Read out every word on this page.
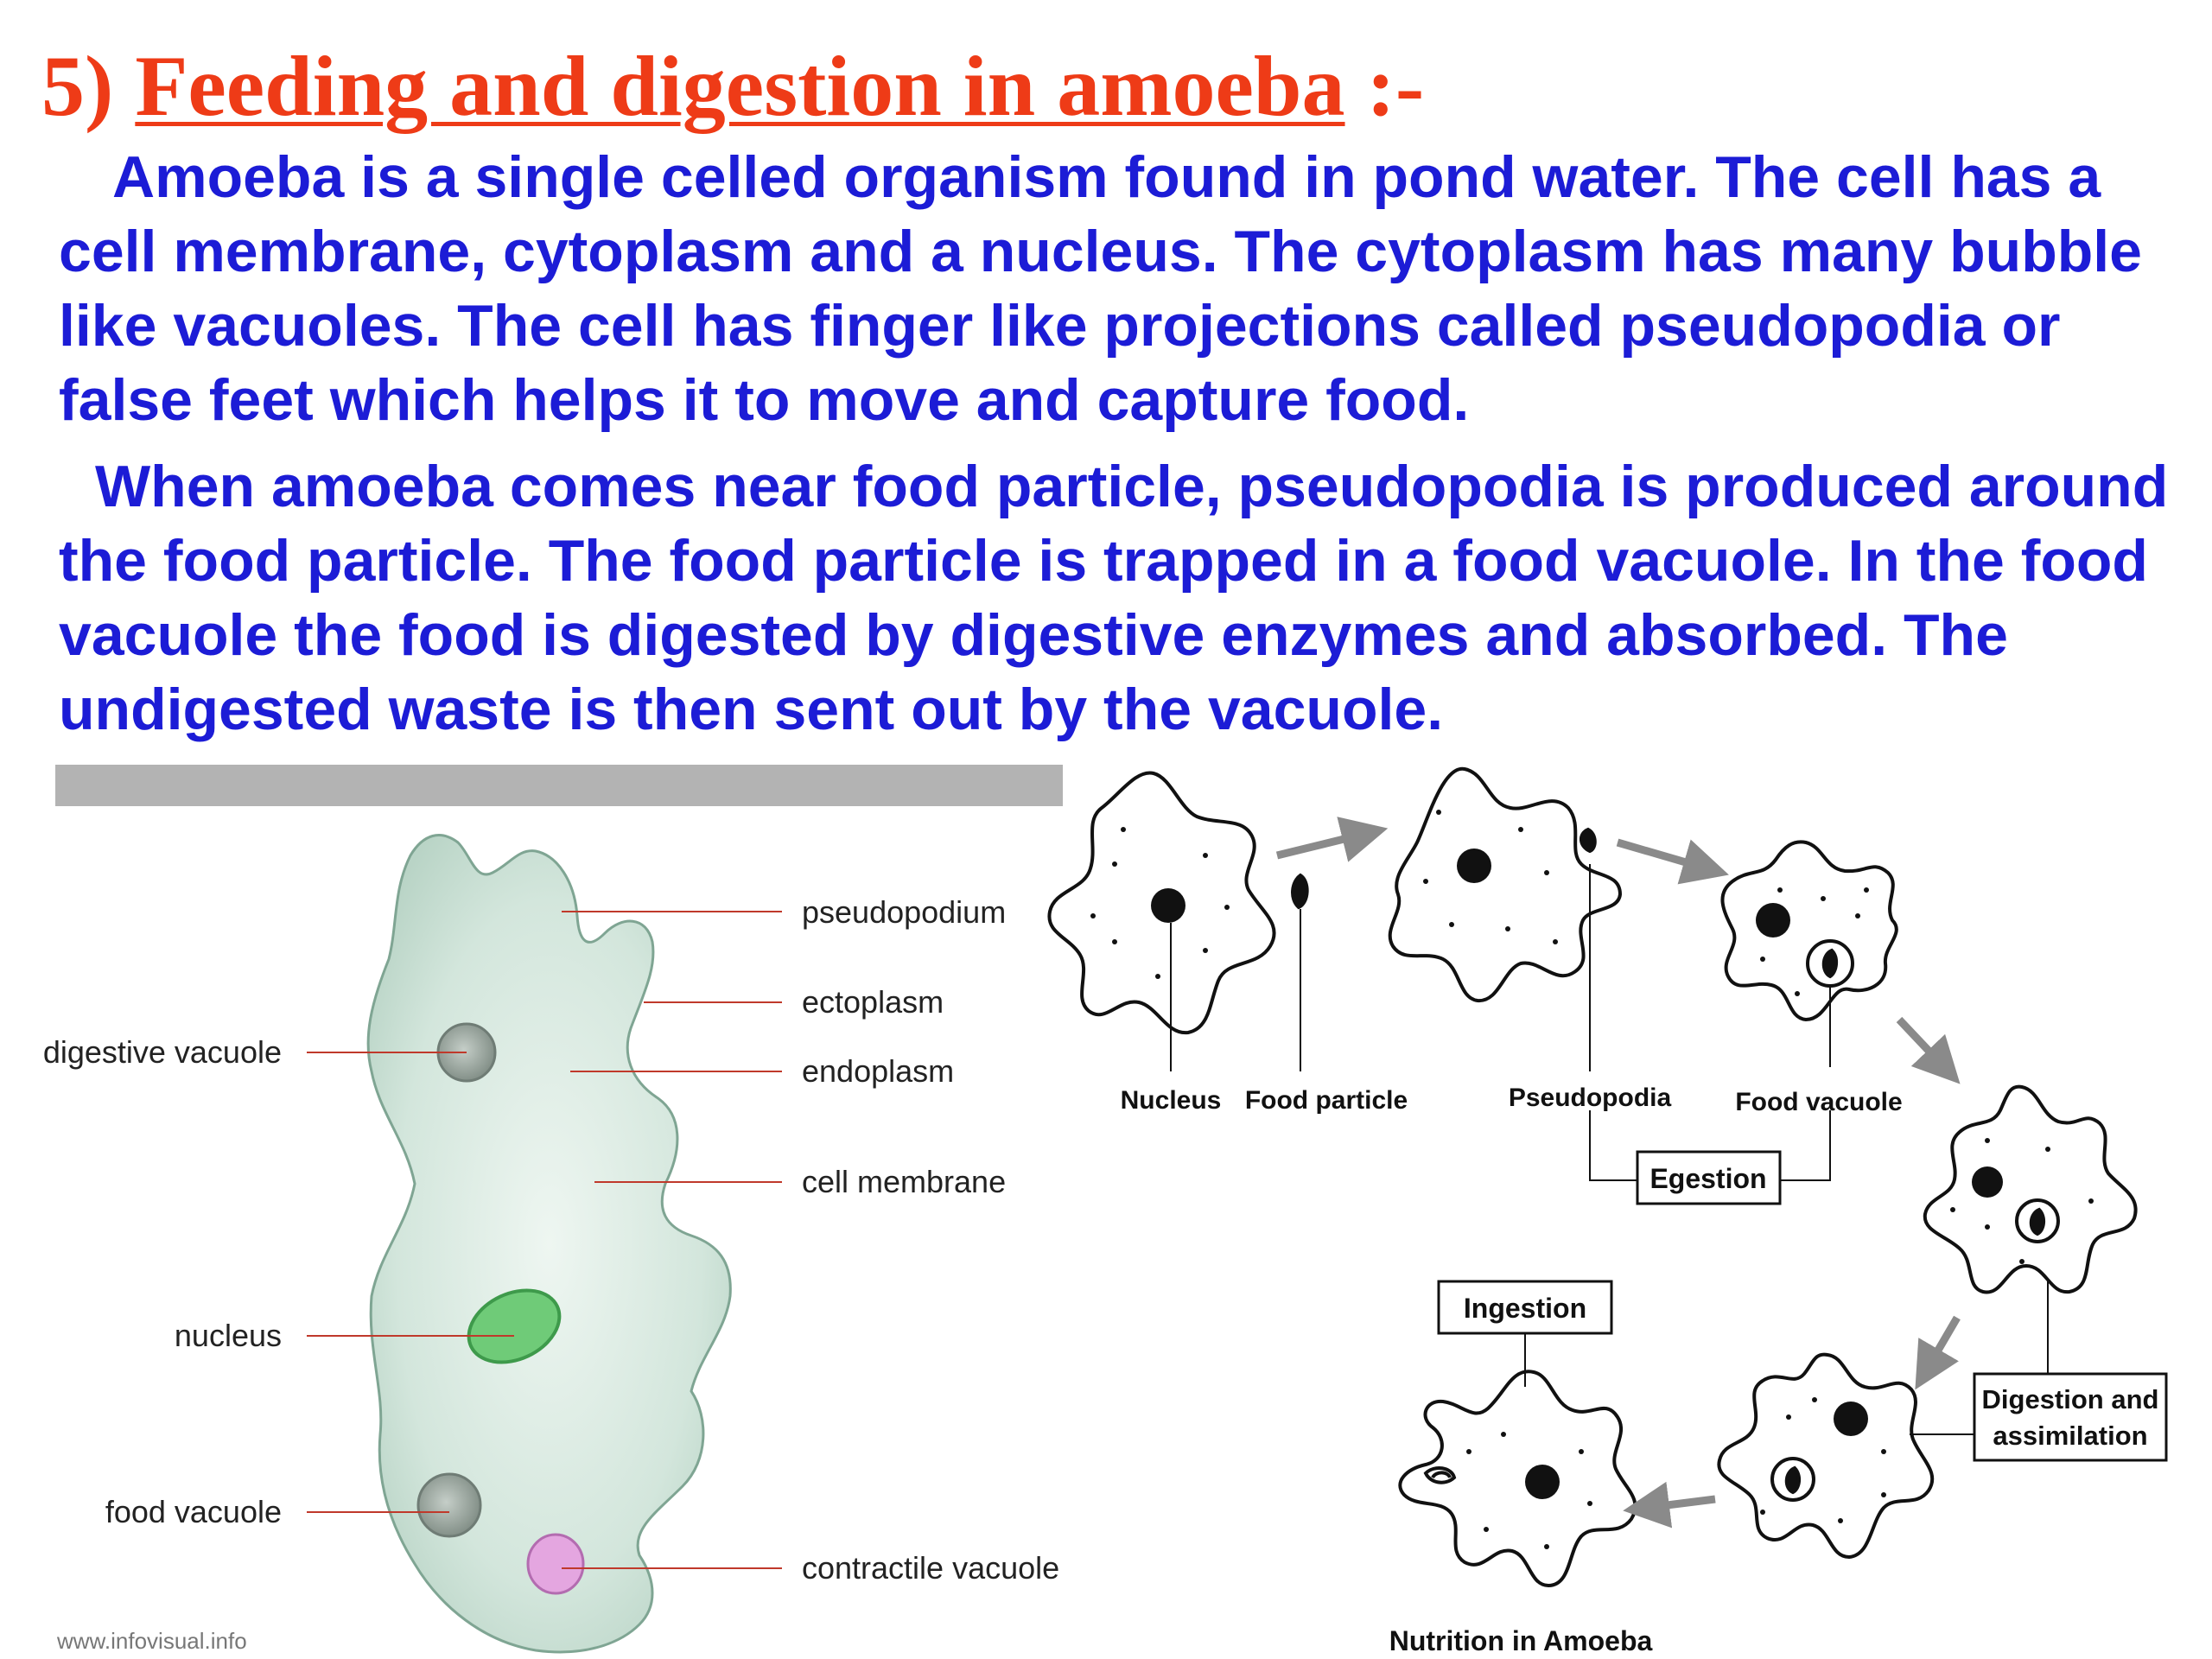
5) Feeding and digestion in amoeba :-

Amoeba is a single celled organism found in pond water. The cell has a cell membrane, cytoplasm and a nucleus. The cytoplasm has many bubble like vacuoles. The cell has finger like projections called pseudopodia or false feet which helps it to move and capture food.

When amoeba comes near food particle, pseudopodia is produced around the food particle. The food particle is trapped in a food vacuole. In the food vacuole the food is digested by digestive enzymes and absorbed. The undigested waste is then sent out by the vacuole.

pseudopodium
ectoplasm
endoplasm
cell membrane
digestive vacuole
nucleus
food vacuole
contractile vacuole
www.infovisual.info
Nucleus Food particle	Pseudopodia Food vacuole
Egestion
Ingestion
Digestion and
assimilation
Nutrition in Amoeba
